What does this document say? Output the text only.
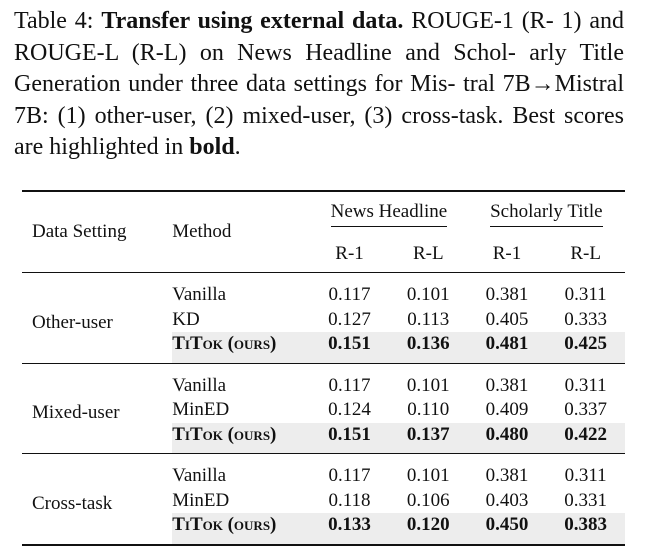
Table 4: Transfer using external data. ROUGE-1 (R- 1) and ROUGE-L (R-L) on News Headline and Schol- arly Title Generation under three data settings for Mis- tral 7B→Mistral 7B: (1) other-user, (2) mixed-user, (3) cross-task. Best scores are highlighted in bold.
Data Setting	Method	News Headline		Scholarly Title	
		R-1	R-L	R-1	R-L
Other-user	Vanilla	0.117	0.101	0.381	0.311
	KD	0.127	0.113	0.405	0.333
	TiTok (ours)	0.151	0.136	0.481	0.425
Mixed-user	Vanilla	0.117	0.101	0.381	0.311
	MinED	0.124	0.110	0.409	0.337
	TiTok (ours)	0.151	0.137	0.480	0.422
Cross-task	Vanilla	0.117	0.101	0.381	0.311
	MinED	0.118	0.106	0.403	0.331
	TiTok (ours)	0.133	0.120	0.450	0.383
